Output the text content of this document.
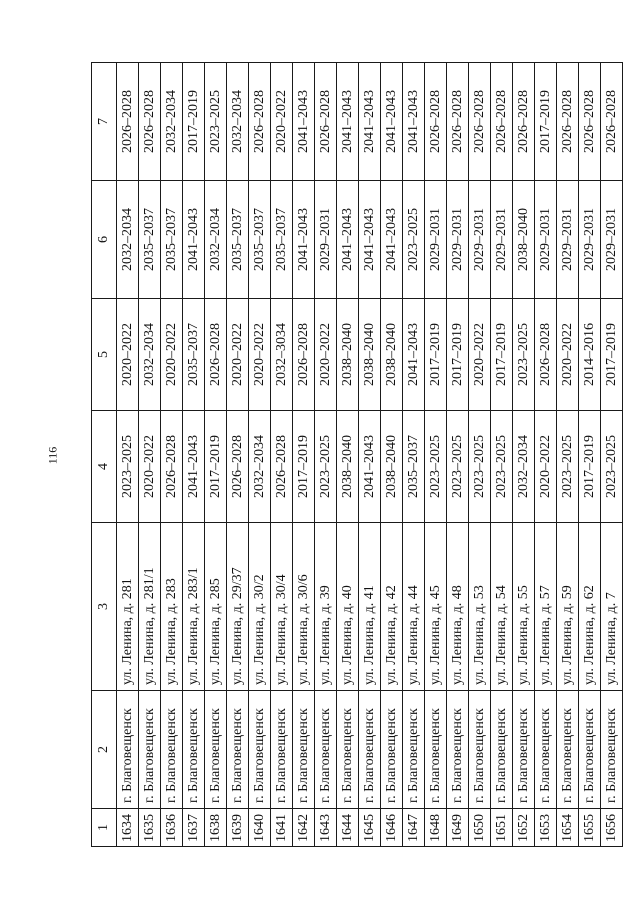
116
1	2	3	4	5	6	7
1634	г. Благовещенск	ул. Ленина, д. 281	2023–2025	2020–2022	2032–2034	2026–2028
1635	г. Благовещенск	ул. Ленина, д. 281/1	2020–2022	2032–2034	2035–2037	2026–2028
1636	г. Благовещенск	ул. Ленина, д. 283	2026–2028	2020–2022	2035–2037	2032–2034
1637	г. Благовещенск	ул. Ленина, д. 283/1	2041–2043	2035–2037	2041–2043	2017–2019
1638	г. Благовещенск	ул. Ленина, д. 285	2017–2019	2026–2028	2032–2034	2023–2025
1639	г. Благовещенск	ул. Ленина, д. 29/37	2026–2028	2020–2022	2035–2037	2032–2034
1640	г. Благовещенск	ул. Ленина, д. 30/2	2032–2034	2020–2022	2035–2037	2026–2028
1641	г. Благовещенск	ул. Ленина, д. 30/4	2026–2028	2032–3034	2035–2037	2020–2022
1642	г. Благовещенск	ул. Ленина, д. 30/6	2017–2019	2026–2028	2041–2043	2041–2043
1643	г. Благовещенск	ул. Ленина, д. 39	2023–2025	2020–2022	2029–2031	2026–2028
1644	г. Благовещенск	ул. Ленина, д. 40	2038–2040	2038–2040	2041–2043	2041–2043
1645	г. Благовещенск	ул. Ленина, д. 41	2041–2043	2038–2040	2041–2043	2041–2043
1646	г. Благовещенск	ул. Ленина, д. 42	2038–2040	2038–2040	2041–2043	2041–2043
1647	г. Благовещенск	ул. Ленина, д. 44	2035–2037	2041–2043	2023–2025	2041–2043
1648	г. Благовещенск	ул. Ленина, д. 45	2023–2025	2017–2019	2029–2031	2026–2028
1649	г. Благовещенск	ул. Ленина, д. 48	2023–2025	2017–2019	2029–2031	2026–2028
1650	г. Благовещенск	ул. Ленина, д. 53	2023–2025	2020–2022	2029–2031	2026–2028
1651	г. Благовещенск	ул. Ленина, д. 54	2023–2025	2017–2019	2029–2031	2026–2028
1652	г. Благовещенск	ул. Ленина, д. 55	2032–2034	2023–2025	2038–2040	2026–2028
1653	г. Благовещенск	ул. Ленина, д. 57	2020–2022	2026–2028	2029–2031	2017–2019
1654	г. Благовещенск	ул. Ленина, д. 59	2023–2025	2020–2022	2029–2031	2026–2028
1655	г. Благовещенск	ул. Ленина, д. 62	2017–2019	2014–2016	2029–2031	2026–2028
1656	г. Благовещенск	ул. Ленина, д. 7	2023–2025	2017–2019	2029–2031	2026–2028
